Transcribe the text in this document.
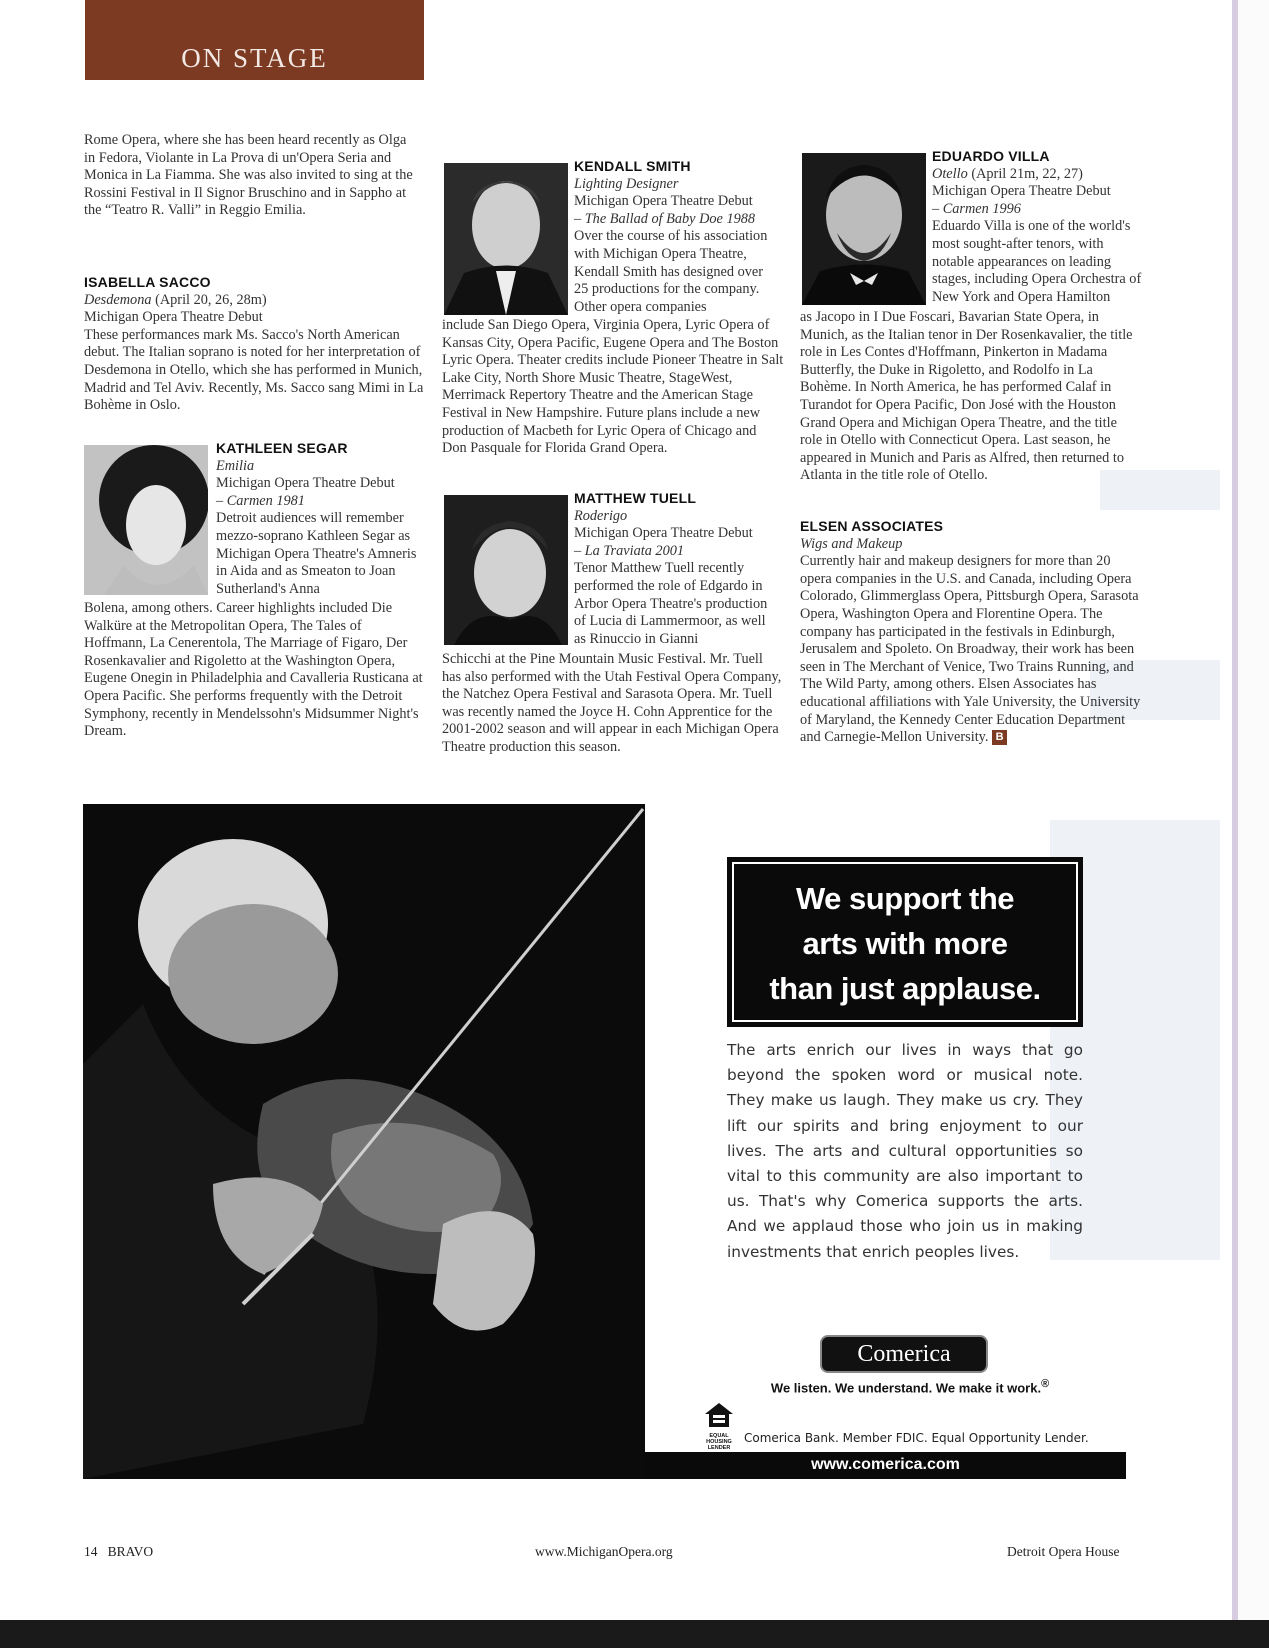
ON STAGE

Rome Opera, where she has been heard recently as Olga in Fedora, Violante in La Prova di un'Opera Seria and Monica in La Fiamma. She was also invited to sing at the Rossini Festival in Il Signor Bruschino and in Sappho at the “Teatro R. Valli” in Reggio Emilia.

ISABELLA SACCO

Desdemona (April 20, 26, 28m)

Michigan Opera Theatre Debut

These performances mark Ms. Sacco's North American debut. The Italian soprano is noted for her interpretation of Desdemona in Otello, which she has performed in Munich, Madrid and Tel Aviv. Recently, Ms. Sacco sang Mimi in La Bohème in Oslo.

KATHLEEN SEGAR

Emilia

Michigan Opera Theatre Debut

– Carmen 1981

Detroit audiences will remember mezzo-soprano Kathleen Segar as Michigan Opera Theatre's Amneris in Aida and as Smeaton to Joan Sutherland's Anna

Bolena, among others. Career highlights included Die Walküre at the Metropolitan Opera, The Tales of Hoffmann, La Cenerentola, The Marriage of Figaro, Der Rosenkavalier and Rigoletto at the Washington Opera, Eugene Onegin in Philadelphia and Cavalleria Rusticana at Opera Pacific. She performs frequently with the Detroit Symphony, recently in Mendelssohn's Midsummer Night's Dream.

KENDALL SMITH

Lighting Designer

Michigan Opera Theatre Debut

– The Ballad of Baby Doe 1988

Over the course of his association with Michigan Opera Theatre, Kendall Smith has designed over 25 productions for the company. Other opera companies

include San Diego Opera, Virginia Opera, Lyric Opera of Kansas City, Opera Pacific, Eugene Opera and The Boston Lyric Opera. Theater credits include Pioneer Theatre in Salt Lake City, North Shore Music Theatre, StageWest, Merrimack Repertory Theatre and the American Stage Festival in New Hampshire. Future plans include a new production of Macbeth for Lyric Opera of Chicago and Don Pasquale for Florida Grand Opera.

MATTHEW TUELL

Roderigo

Michigan Opera Theatre Debut

– La Traviata 2001

Tenor Matthew Tuell recently performed the role of Edgardo in Arbor Opera Theatre's production of Lucia di Lammermoor, as well as Rinuccio in Gianni

Schicchi at the Pine Mountain Music Festival. Mr. Tuell has also performed with the Utah Festival Opera Company, the Natchez Opera Festival and Sarasota Opera. Mr. Tuell was recently named the Joyce H. Cohn Apprentice for the 2001-2002 season and will appear in each Michigan Opera Theatre production this season.

EDUARDO VILLA

Otello (April 21m, 22, 27)

Michigan Opera Theatre Debut

– Carmen 1996

Eduardo Villa is one of the world's most sought-after tenors, with notable appearances on leading stages, including Opera Orchestra of New York and Opera Hamilton

as Jacopo in I Due Foscari, Bavarian State Opera, in Munich, as the Italian tenor in Der Rosenkavalier, the title role in Les Contes d'Hoffmann, Pinkerton in Madama Butterfly, the Duke in Rigoletto, and Rodolfo in La Bohème. In North America, he has performed Calaf in Turandot for Opera Pacific, Don José with the Houston Grand Opera and Michigan Opera Theatre, and the title role in Otello with Connecticut Opera. Last season, he appeared in Munich and Paris as Alfred, then returned to Atlanta in the title role of Otello.

ELSEN ASSOCIATES

Wigs and Makeup

Currently hair and makeup designers for more than 20 opera companies in the U.S. and Canada, including Opera Colorado, Glimmerglass Opera, Pittsburgh Opera, Sarasota Opera, Washington Opera and Florentine Opera. The company has participated in the festivals in Edinburgh, Jerusalem and Spoleto. On Broadway, their work has been seen in The Merchant of Venice, Two Trains Running, and The Wild Party, among others. Elsen Associates has educational affiliations with Yale University, the University of Maryland, the Kennedy Center Education Department and Carnegie-Mellon University. B

We support the
arts with more
than just applause.
The arts enrich our lives in ways that go beyond the spoken word or musical note. They make us laugh. They make us cry. They lift our spirits and bring enjoyment to our lives. The arts and cultural opportunities so vital to this community are also important to us. That's why Comerica supports the arts. And we applaud those who join us in making investments that enrich peoples lives.
Comerica
We listen. We understand. We make it work.®
EQUAL HOUSING LENDER
Comerica Bank. Member FDIC. Equal Opportunity Lender.
www.comerica.com
14 BRAVO	www.MichiganOpera.org	Detroit Opera House
